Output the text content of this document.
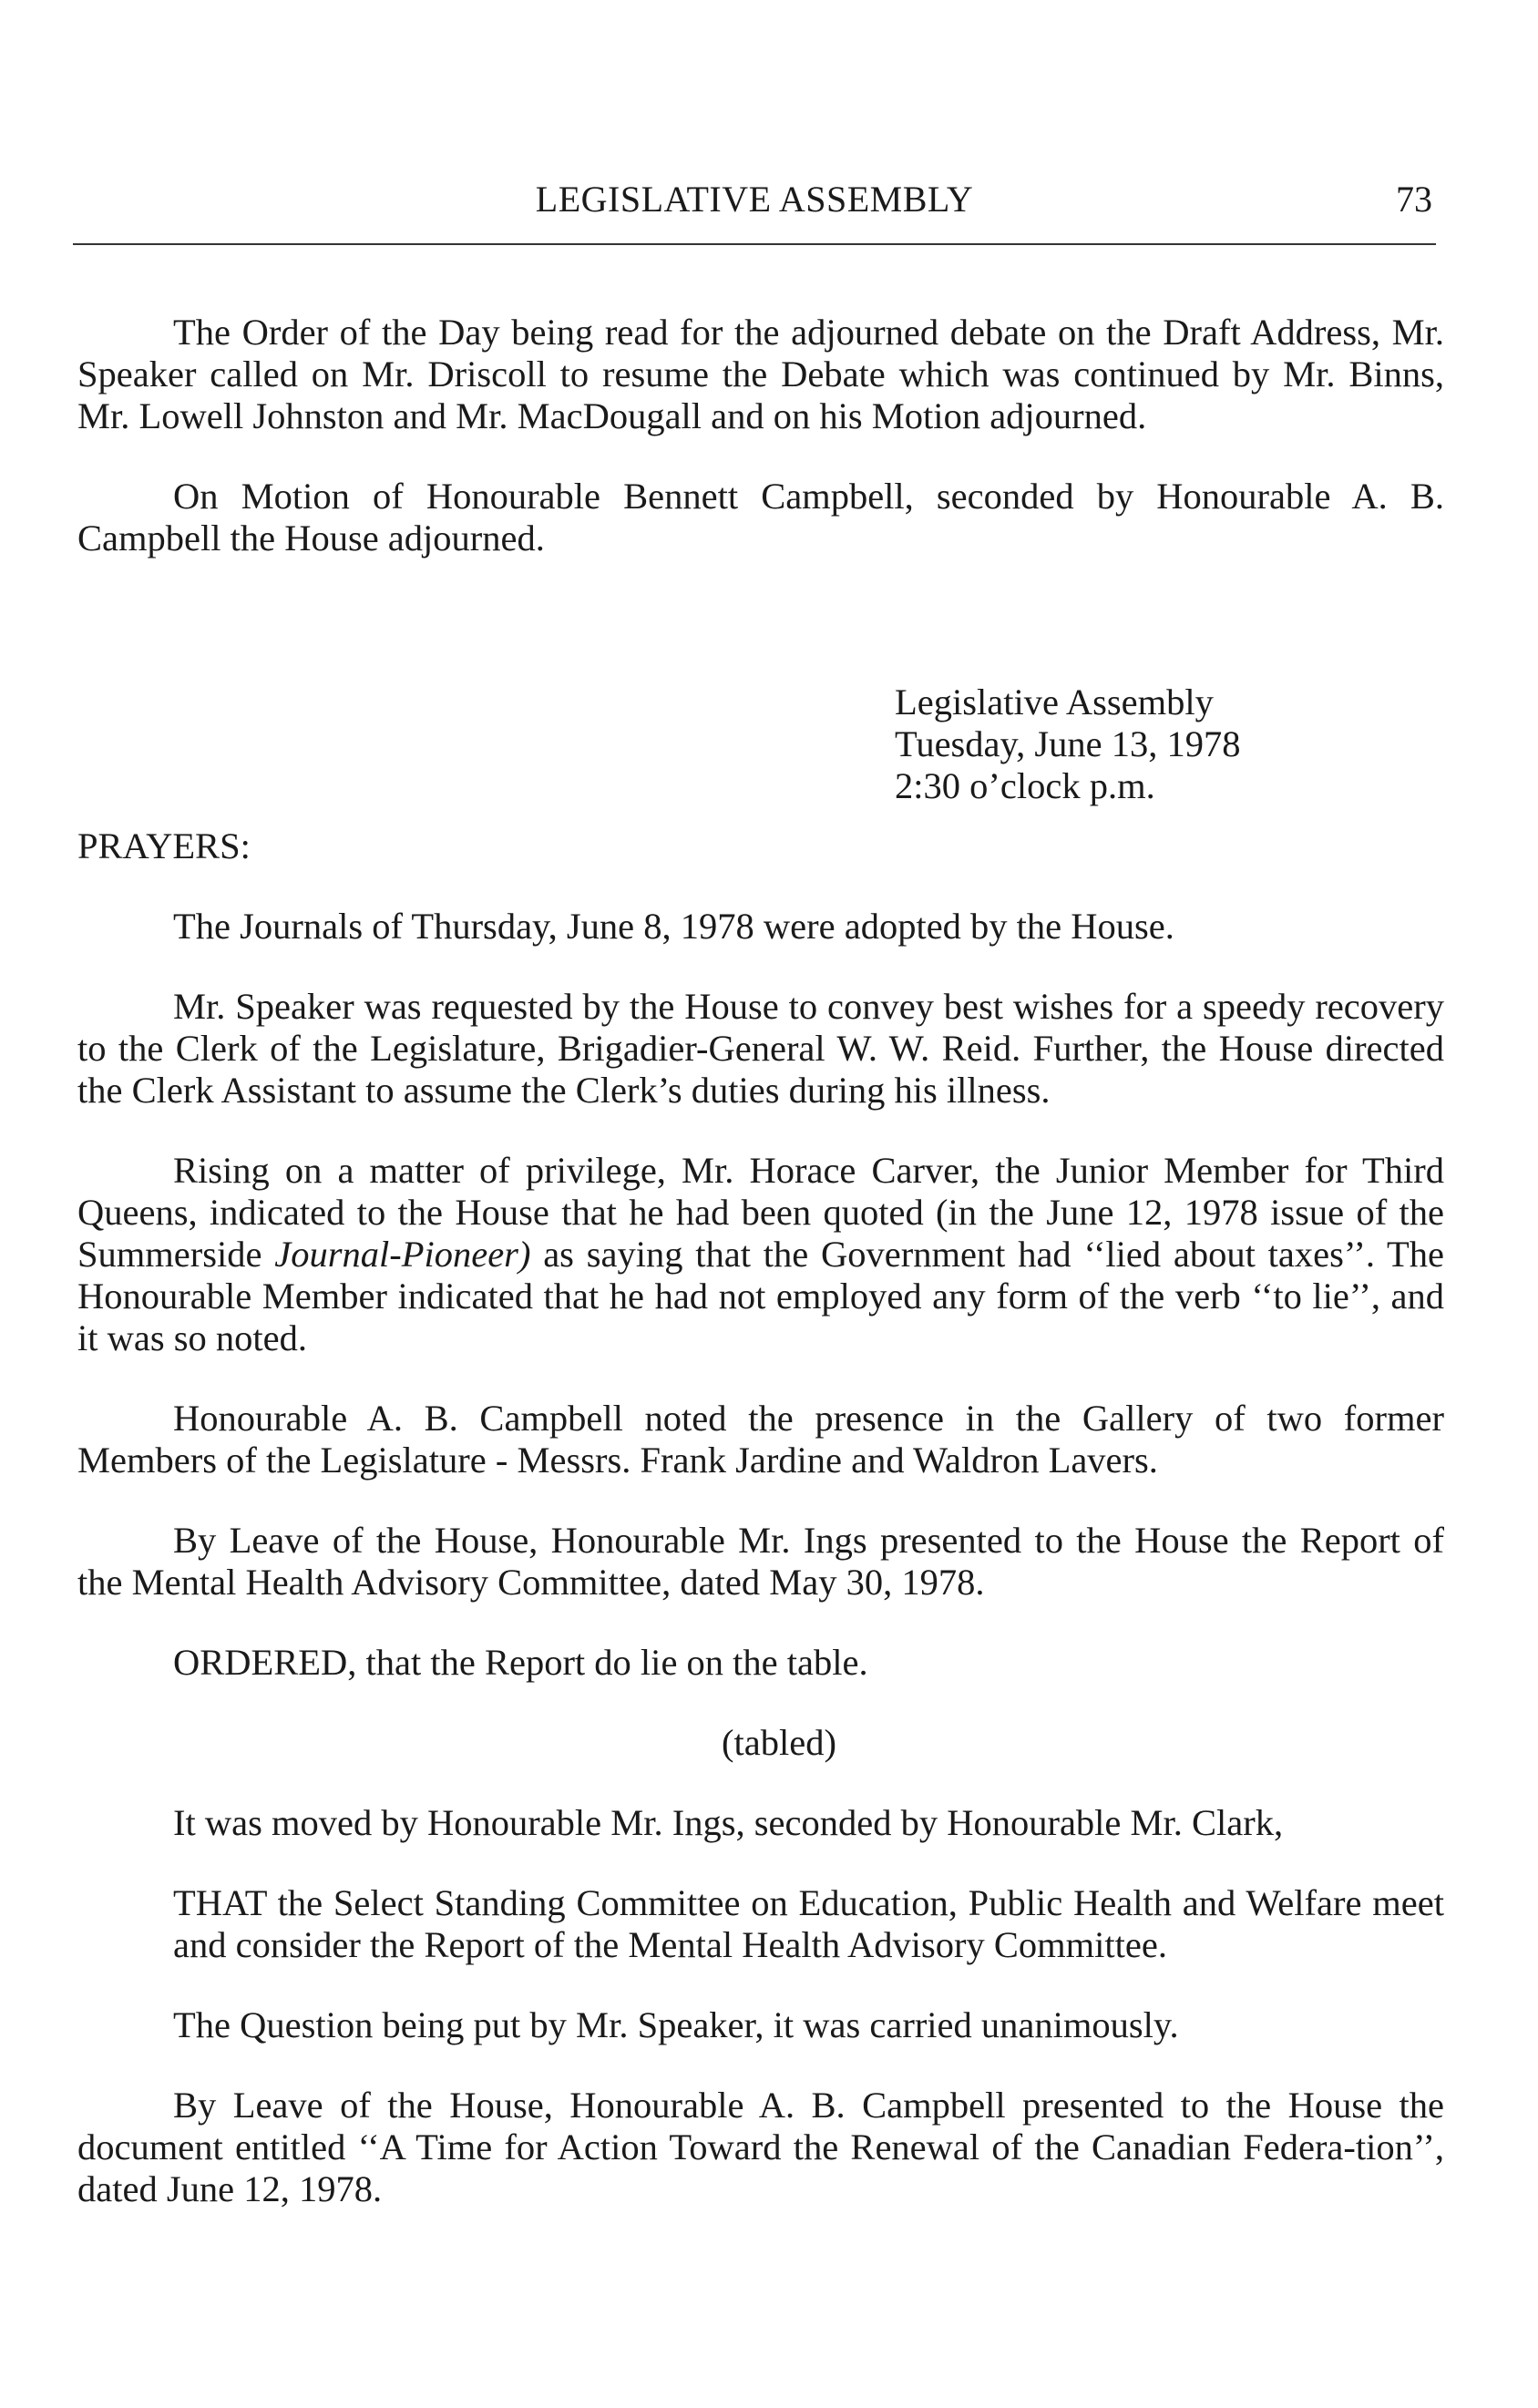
LEGISLATIVE ASSEMBLY	73

The Order of the Day being read for the adjourned debate on the Draft Address, Mr. Speaker called on Mr. Driscoll to resume the Debate which was continued by Mr. Binns, Mr. Lowell Johnston and Mr. MacDougall and on his Motion adjourned.

On Motion of Honourable Bennett Campbell, seconded by Honourable A. B. Campbell the House adjourned.

Legislative Assembly
Tuesday, June 13, 1978
2:30 o’clock p.m.

PRAYERS:

The Journals of Thursday, June 8, 1978 were adopted by the House.

Mr. Speaker was requested by the House to convey best wishes for a speedy recovery to the Clerk of the Legislature, Brigadier-General W. W. Reid. Further, the House directed the Clerk Assistant to assume the Clerk’s duties during his illness.

Rising on a matter of privilege, Mr. Horace Carver, the Junior Member for Third Queens, indicated to the House that he had been quoted (in the June 12, 1978 issue of the Summerside Journal-Pioneer) as saying that the Government had ‘‘lied about taxes’’. The Honourable Member indicated that he had not employed any form of the verb ‘‘to lie’’, and it was so noted.

Honourable A. B. Campbell noted the presence in the Gallery of two former Members of the Legislature - Messrs. Frank Jardine and Waldron Lavers.

By Leave of the House, Honourable Mr. Ings presented to the House the Report of the Mental Health Advisory Committee, dated May 30, 1978.

ORDERED, that the Report do lie on the table.

(tabled)

It was moved by Honourable Mr. Ings, seconded by Honourable Mr. Clark,

THAT the Select Standing Committee on Education, Public Health and Welfare meet and consider the Report of the Mental Health Advisory Committee.

The Question being put by Mr. Speaker, it was carried unanimously.

By Leave of the House, Honourable A. B. Campbell presented to the House the document entitled ‘‘A Time for Action Toward the Renewal of the Canadian Federa-tion’’, dated June 12, 1978.
